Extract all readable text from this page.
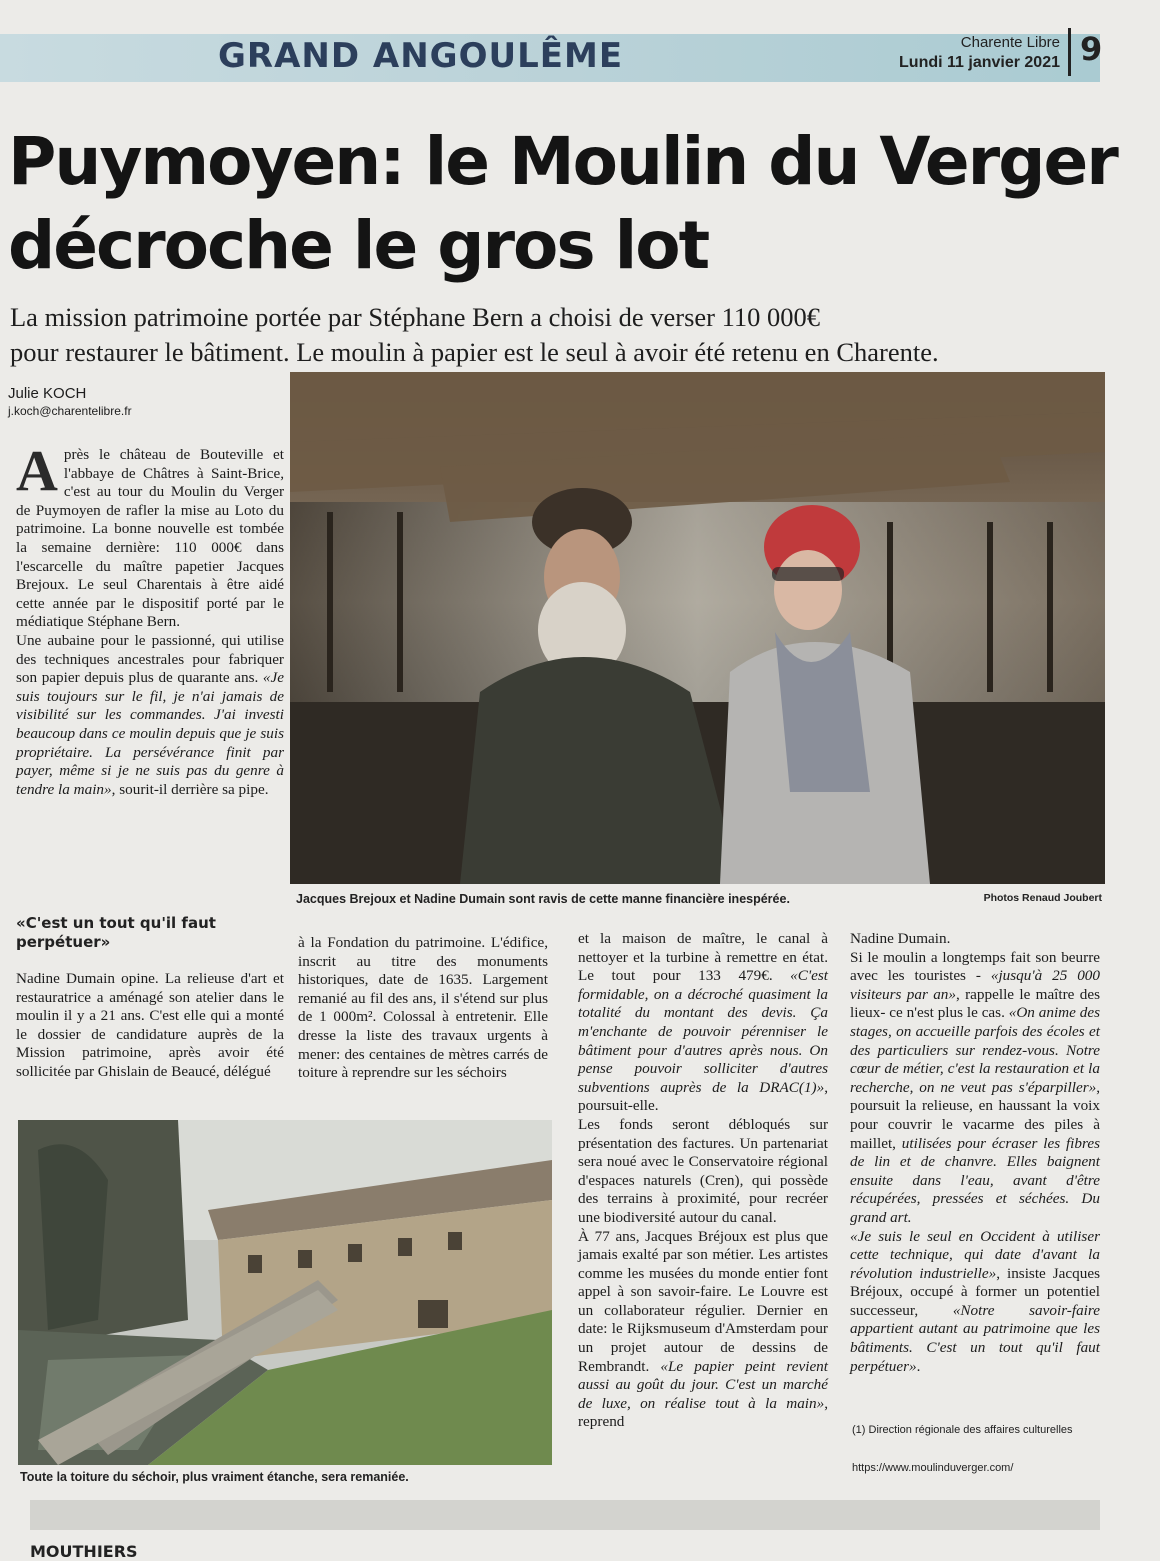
GRAND ANGOULÊME	Charente Libre
Lundi 11 janvier 2021 9
Puymoyen: le Moulin du Verger
décroche le gros lot
La mission patrimoine portée par Stéphane Bern a choisi de verser 110 000€
pour restaurer le bâtiment. Le moulin à papier est le seul à avoir été retenu en Charente.
Julie KOCH
j.koch@charentelibre.fr

Après le château de Bouteville et l'abbaye de Châtres à Saint-Brice, c'est au tour du Moulin du Verger de Puymoyen de rafler la mise au Loto du patrimoine. La bonne nouvelle est tombée la semaine dernière: 110 000€ dans l'escarcelle du maître papetier Jacques Brejoux. Le seul Charentais à être aidé cette année par le dispositif porté par le médiatique Stéphane Bern.

Une aubaine pour le passionné, qui utilise des techniques ancestrales pour fabriquer son papier depuis plus de quarante ans. «Je suis toujours sur le fil, je n'ai jamais de visibilité sur les commandes. J'ai investi beaucoup dans ce moulin depuis que je suis propriétaire. La persévérance finit par payer, même si je ne suis pas du genre à tendre la main», sourit-il derrière sa pipe.

«C'est un tout qu'il faut perpétuer»

Nadine Dumain opine. La relieuse d'art et restauratrice a aménagé son atelier dans le moulin il y a 21 ans. C'est elle qui a monté le dossier de candidature auprès de la Mission patrimoine, après avoir été sollicitée par Ghislain de Beaucé, délégué

à la Fondation du patrimoine. L'édifice, inscrit au titre des monuments historiques, date de 1635. Largement remanié au fil des ans, il s'étend sur plus de 1 000m². Colossal à entretenir. Elle dresse la liste des travaux urgents à mener: des centaines de mètres carrés de toiture à reprendre sur les séchoirs

et la maison de maître, le canal à nettoyer et la turbine à remettre en état. Le tout pour 133 479€. «C'est formidable, on a décroché quasiment la totalité du montant des devis. Ça m'enchante de pouvoir pérenniser le bâtiment pour d'autres après nous. On pense pouvoir solliciter d'autres subventions auprès de la DRAC(1)», poursuit-elle.

Les fonds seront débloqués sur présentation des factures. Un partenariat sera noué avec le Conservatoire régional d'espaces naturels (Cren), qui possède des terrains à proximité, pour recréer une biodiversité autour du canal.

À 77 ans, Jacques Bréjoux est plus que jamais exalté par son métier. Les artistes comme les musées du monde entier font appel à son savoir-faire. Le Louvre est un collaborateur régulier. Dernier en date: le Rijksmuseum d'Amsterdam pour un projet autour de dessins de Rembrandt. «Le papier peint revient aussi au goût du jour. C'est un marché de luxe, on réalise tout à la main», reprend

Nadine Dumain.

Si le moulin a longtemps fait son beurre avec les touristes - «jusqu'à 25 000 visiteurs par an», rappelle le maître des lieux- ce n'est plus le cas. «On anime des stages, on accueille parfois des écoles et des particuliers sur rendez-vous. Notre cœur de métier, c'est la restauration et la recherche, on ne veut pas s'éparpiller», poursuit la relieuse, en haussant la voix pour couvrir le vacarme des piles à maillet, utilisées pour écraser les fibres de lin et de chanvre. Elles baignent ensuite dans l'eau, avant d'être récupérées, pressées et séchées. Du grand art.

«Je suis le seul en Occident à utiliser cette technique, qui date d'avant la révolution industrielle», insiste Jacques Bréjoux, occupé à former un potentiel successeur, «Notre savoir-faire appartient autant au patrimoine que les bâtiments. C'est un tout qu'il faut perpétuer».

Jacques Brejoux et Nadine Dumain sont ravis de cette manne financière inespérée.	Photos Renaud Joubert
Toute la toiture du séchoir, plus vraiment étanche, sera remaniée.
(1) Direction régionale des affaires culturelles
https://www.moulinduverger.com/
MOUTHIERS
